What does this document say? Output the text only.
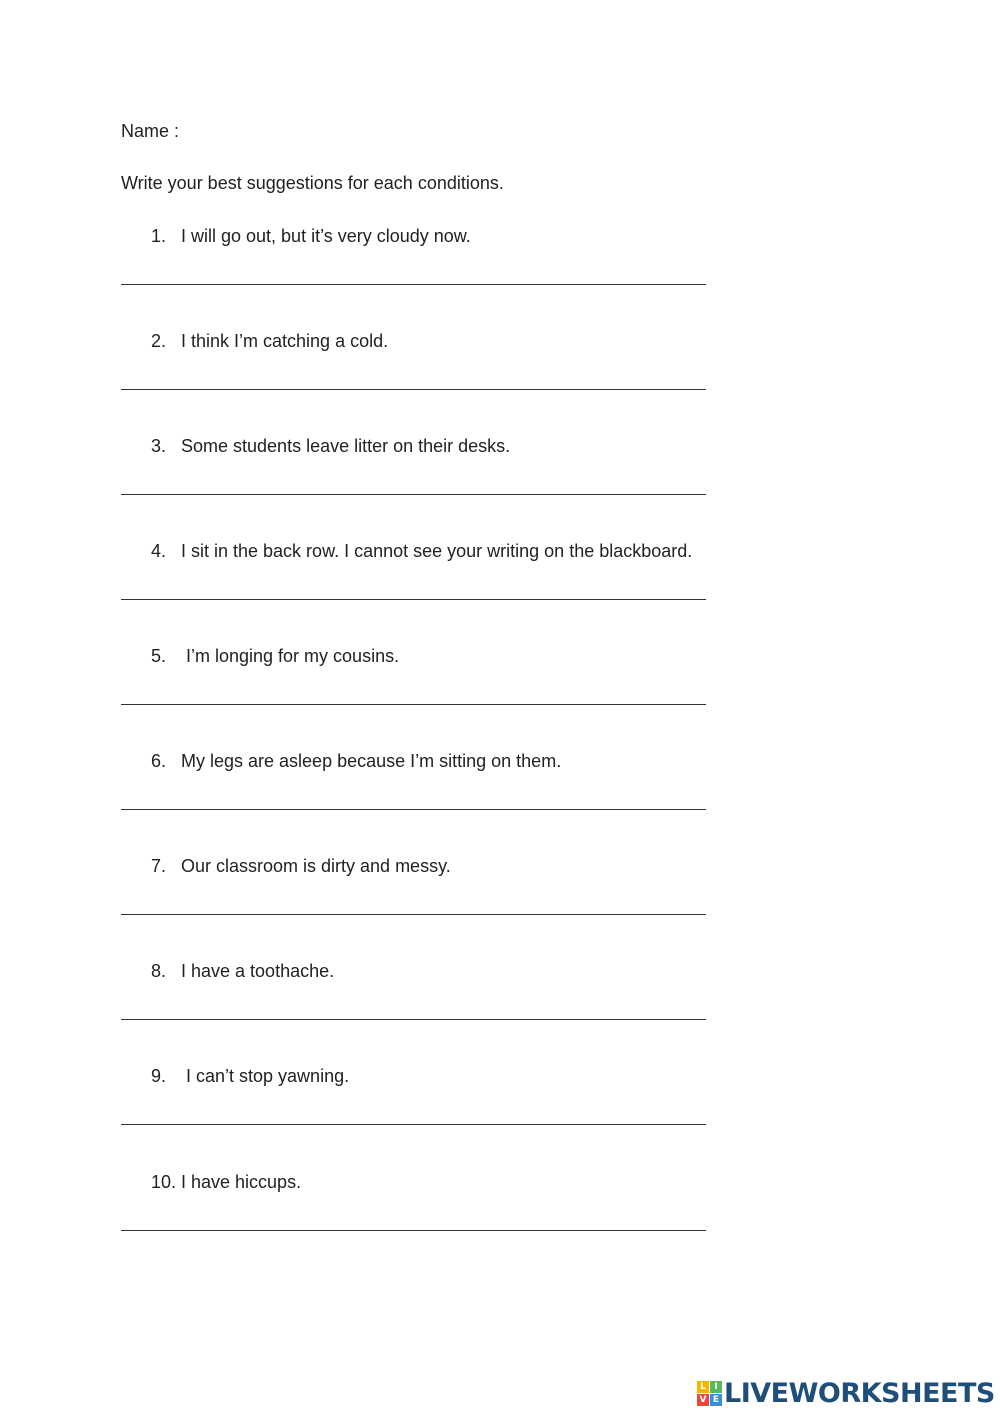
Name :
Write your best suggestions for each conditions.
1. I will go out, but it’s very cloudy now.
2. I think I’m catching a cold.
3. Some students leave litter on their desks.
4. I sit in the back row. I cannot see your writing on the blackboard.
5. I’m longing for my cousins.
6. My legs are asleep because I’m sitting on them.
7. Our classroom is dirty and messy.
8. I have a toothache.
9. I can’t stop yawning.
10. I have hiccups.
L I
V E LIVEWORKSHEETS
